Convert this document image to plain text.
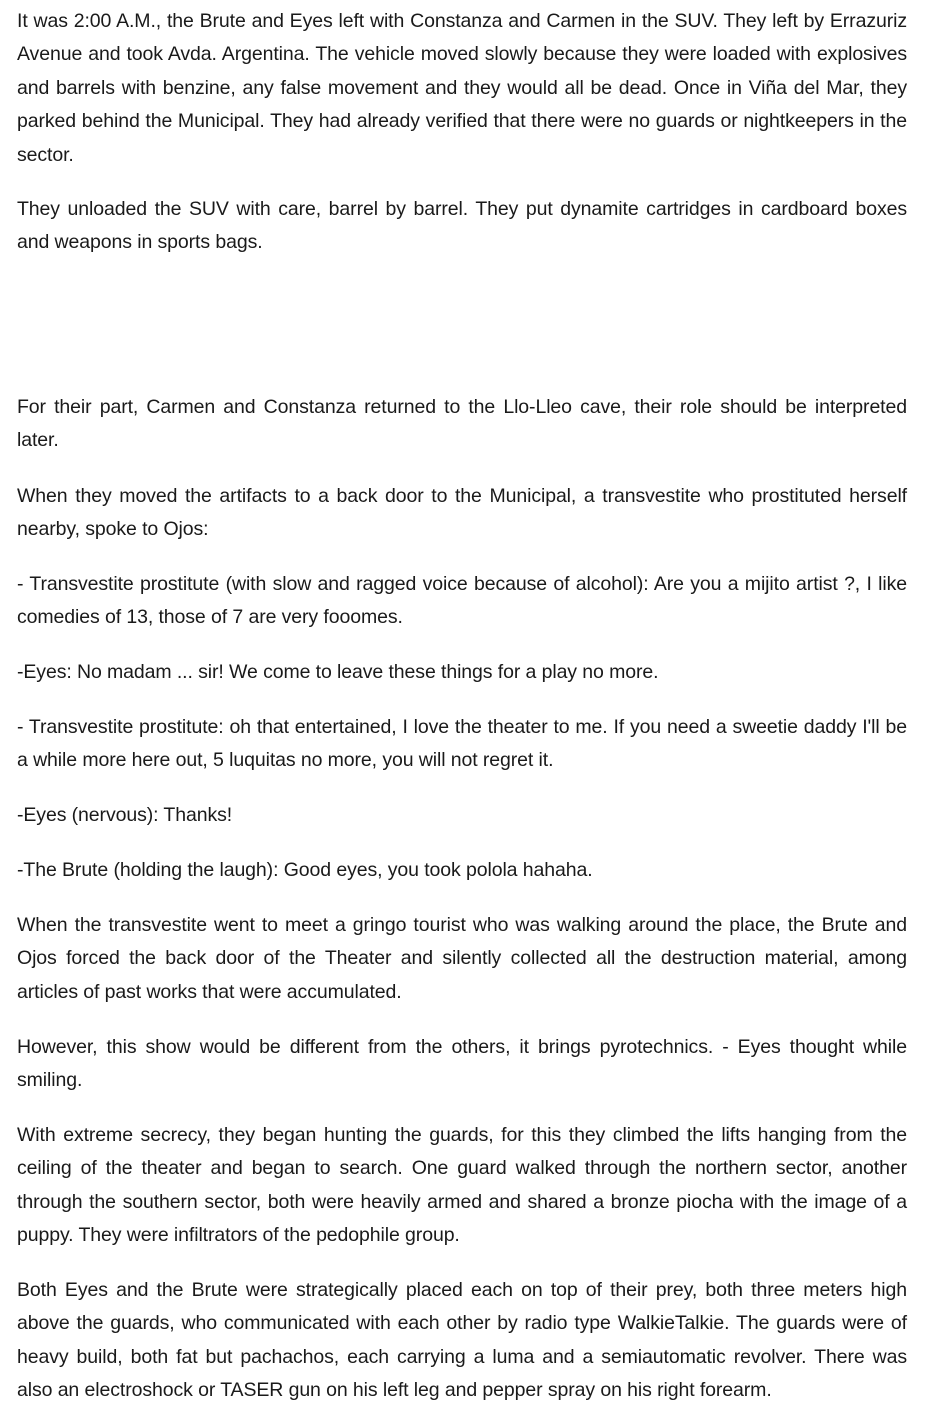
It was 2:00 A.M., the Brute and Eyes left with Constanza and Carmen in the SUV. They left by Errazuriz Avenue and took Avda. Argentina. The vehicle moved slowly because they were loaded with explosives and barrels with benzine, any false movement and they would all be dead. Once in Viña del Mar, they parked behind the Municipal. They had already verified that there were no guards or nightkeepers in the sector.

They unloaded the SUV with care, barrel by barrel. They put dynamite cartridges in cardboard boxes and weapons in sports bags.

For their part, Carmen and Constanza returned to the Llo-Lleo cave, their role should be interpreted later.

When they moved the artifacts to a back door to the Municipal, a transvestite who prostituted herself nearby, spoke to Ojos:

- Transvestite prostitute (with slow and ragged voice because of alcohol): Are you a mijito artist ?, I like comedies of 13, those of 7 are very fooomes.

-Eyes: No madam ... sir! We come to leave these things for a play no more.

- Transvestite prostitute: oh that entertained, I love the theater to me. If you need a sweetie daddy I'll be a while more here out, 5 luquitas no more, you will not regret it.

-Eyes (nervous): Thanks!

-The Brute (holding the laugh): Good eyes, you took polola hahaha.

When the transvestite went to meet a gringo tourist who was walking around the place, the Brute and Ojos forced the back door of the Theater and silently collected all the destruction material, among articles of past works that were accumulated.

However, this show would be different from the others, it brings pyrotechnics. - Eyes thought while smiling.

With extreme secrecy, they began hunting the guards, for this they climbed the lifts hanging from the ceiling of the theater and began to search. One guard walked through the northern sector, another through the southern sector, both were heavily armed and shared a bronze piocha with the image of a puppy. They were infiltrators of the pedophile group.

Both Eyes and the Brute were strategically placed each on top of their prey, both three meters high above the guards, who communicated with each other by radio type WalkieTalkie. The guards were of heavy build, both fat but pachachos, each carrying a luma and a semiautomatic revolver. There was also an electroshock or TASER gun on his left leg and pepper spray on his right forearm.
